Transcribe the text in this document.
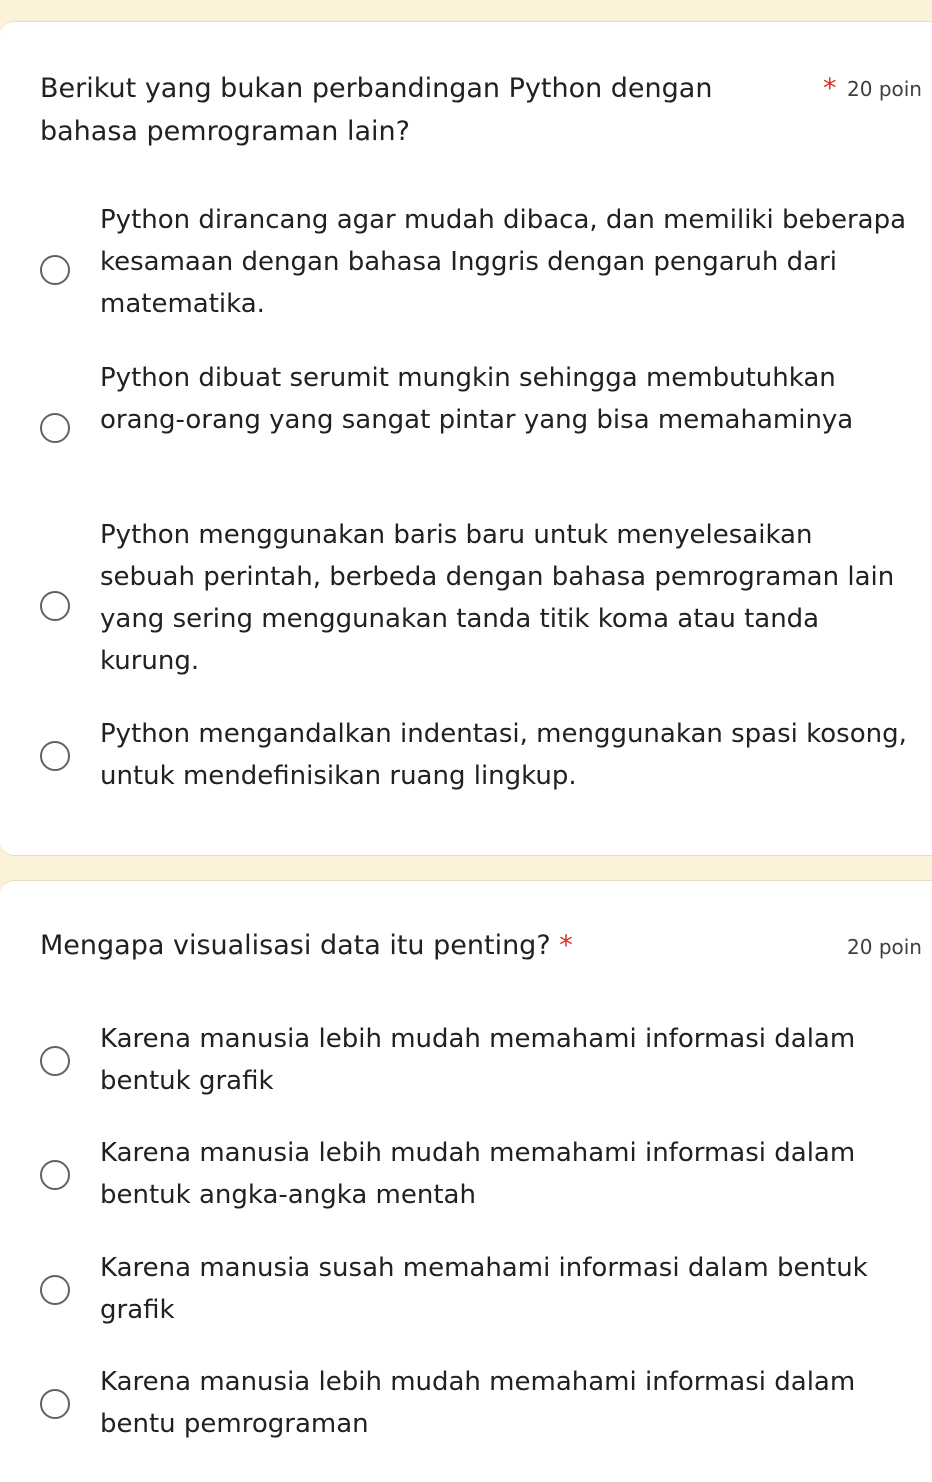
Berikut yang bukan perbandingan Python dengan bahasa pemrograman lain?
* 20 poin
Python dirancang agar mudah dibaca, dan memiliki beberapa kesamaan dengan bahasa Inggris dengan pengaruh dari matematika.
Python dibuat serumit mungkin sehingga membutuhkan orang-orang yang sangat pintar yang bisa memahaminya
Python menggunakan baris baru untuk menyelesaikan sebuah perintah, berbeda dengan bahasa pemrograman lain yang sering menggunakan tanda titik koma atau tanda kurung.
Python mengandalkan indentasi, menggunakan spasi kosong, untuk mendefinisikan ruang lingkup.
Mengapa visualisasi data itu penting? *	20 poin
Karena manusia lebih mudah memahami informasi dalam bentuk grafik
Karena manusia lebih mudah memahami informasi dalam bentuk angka-angka mentah
Karena manusia susah memahami informasi dalam bentuk grafik
Karena manusia lebih mudah memahami informasi dalam bentu pemrograman
